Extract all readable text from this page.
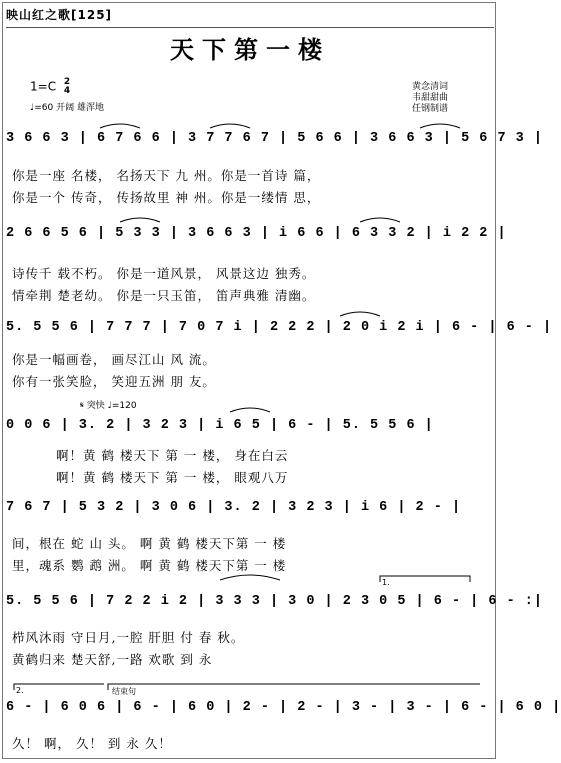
映山红之歌[125]
天下第一楼
1=C 2
4
♩=60 开阔 雄浑地
黄念清词
韦甜甜曲
任钢制谱
3 6 6 3 | 6 7 6 6 | 3 7 7 6 7 | 5 6 6 | 3 6 6 3 | 5 6 7 3 |
你是一座 名楼， 名扬天下 九 州。你是一首诗 篇，
你是一个 传奇， 传扬故里 神 州。你是一缕情 思，
2 6 6 5 6 | 5 3 3 | 3 6 6 3 | i 6 6 | 6 3 3 2 | i 2 2 |
诗传千 载不朽。 你是一道风景， 风景这边 独秀。
情牵荆 楚老幼。 你是一只玉笛， 笛声典雅 清幽。
5. 5 5 6 | 7 7 7 | 7 0 7 i | 2 2 2 | 2 0 i 2 i | 6 - | 6 - |
你是一幅画卷， 画尽江山 风 流。
你有一张笑脸， 笑迎五洲 朋 友。
𝄋 突快 ♩=120
0 0 6 | 3. 2 | 3 2 3 | i 6 5 | 6 - | 5. 5 5 6 |
啊！黄 鹤 楼天下 第 一 楼， 身在白云
啊！黄 鹤 楼天下 第 一 楼， 眼观八万
7 6 7 | 5 3 2 | 3 0 6 | 3. 2 | 3 2 3 | i 6 | 2 - |
间，根在 蛇 山 头。 啊 黄 鹤 楼天下第 一 楼
里，魂系 鹦 鹉 洲。 啊 黄 鹤 楼天下第 一 楼
5. 5 5 6 | 7 2 2 i 2 | 3 3 3 | 3 0 | 2 3 0 5 | 6 - | 6 - :|
1.
栉风沐雨 守日月,一腔 肝胆 付 春 秋。
黄鹤归来 楚天舒,一路 欢歌 到 永
2.	结束句
6 - | 6 0 6 | 6 - | 6 0 | 2 - | 2 - | 3 - | 3 - | 6 - | 6 0 |
久！ 啊， 久！ 到 永 久！
